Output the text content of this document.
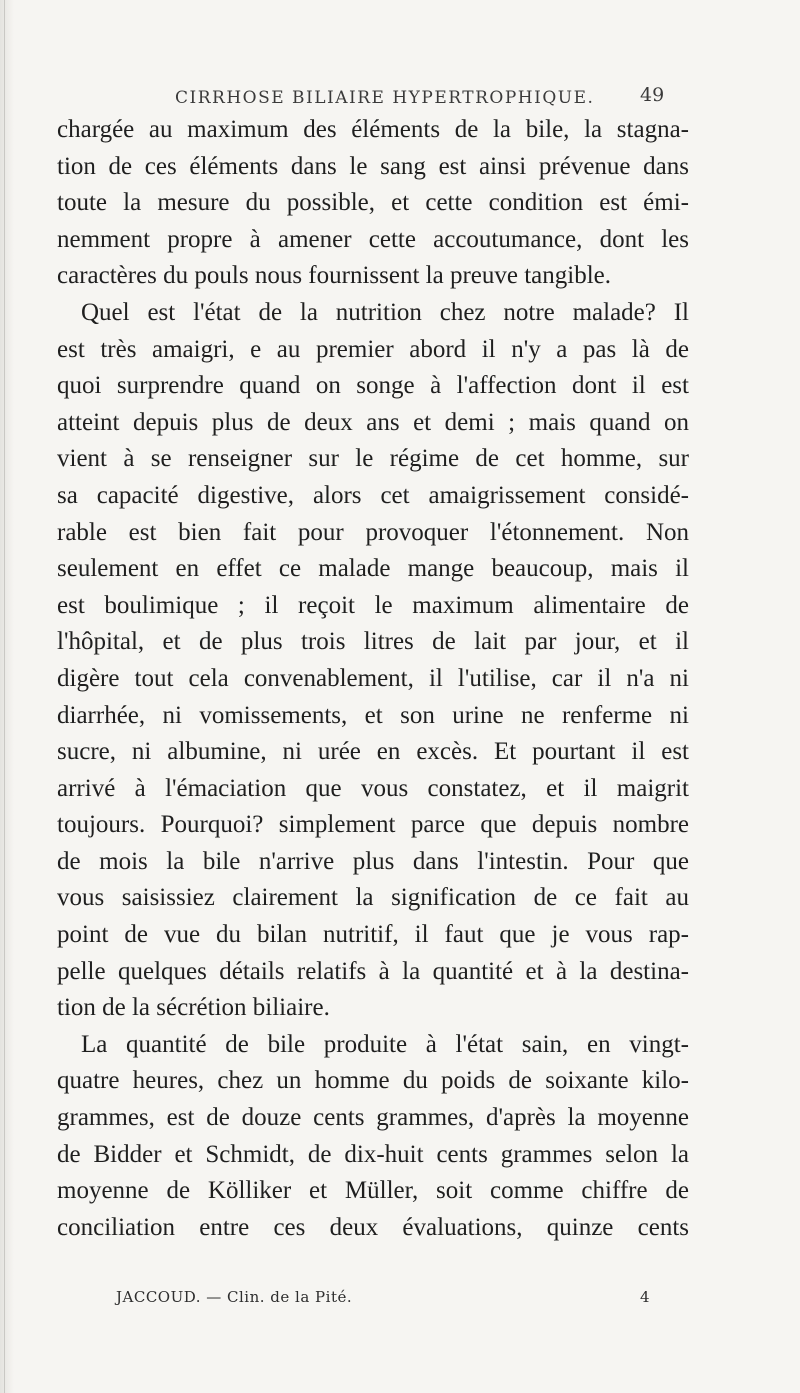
CIRRHOSE BILIAIRE HYPERTROPHIQUE.	49
chargée au maximum des éléments de la bile, la stagna-
tion de ces éléments dans le sang est ainsi prévenue dans
toute la mesure du possible, et cette condition est émi-
nemment propre à amener cette accoutumance, dont les
caractères du pouls nous fournissent la preuve tangible.
Quel est l'état de la nutrition chez notre malade? Il
est très amaigri, e au premier abord il n'y a pas là de
quoi surprendre quand on songe à l'affection dont il est
atteint depuis plus de deux ans et demi ; mais quand on
vient à se renseigner sur le régime de cet homme, sur
sa capacité digestive, alors cet amaigrissement considé-
rable est bien fait pour provoquer l'étonnement. Non
seulement en effet ce malade mange beaucoup, mais il
est boulimique ; il reçoit le maximum alimentaire de
l'hôpital, et de plus trois litres de lait par jour, et il
digère tout cela convenablement, il l'utilise, car il n'a ni
diarrhée, ni vomissements, et son urine ne renferme ni
sucre, ni albumine, ni urée en excès. Et pourtant il est
arrivé à l'émaciation que vous constatez, et il maigrit
toujours. Pourquoi? simplement parce que depuis nombre
de mois la bile n'arrive plus dans l'intestin. Pour que
vous saisissiez clairement la signification de ce fait au
point de vue du bilan nutritif, il faut que je vous rap-
pelle quelques détails relatifs à la quantité et à la destina-
tion de la sécrétion biliaire.
La quantité de bile produite à l'état sain, en vingt-
quatre heures, chez un homme du poids de soixante kilo-
grammes, est de douze cents grammes, d'après la moyenne
de Bidder et Schmidt, de dix-huit cents grammes selon la
moyenne de Kölliker et Müller, soit comme chiffre de
conciliation entre ces deux évaluations, quinze cents
JACCOUD. — Clin. de la Pité.	4
